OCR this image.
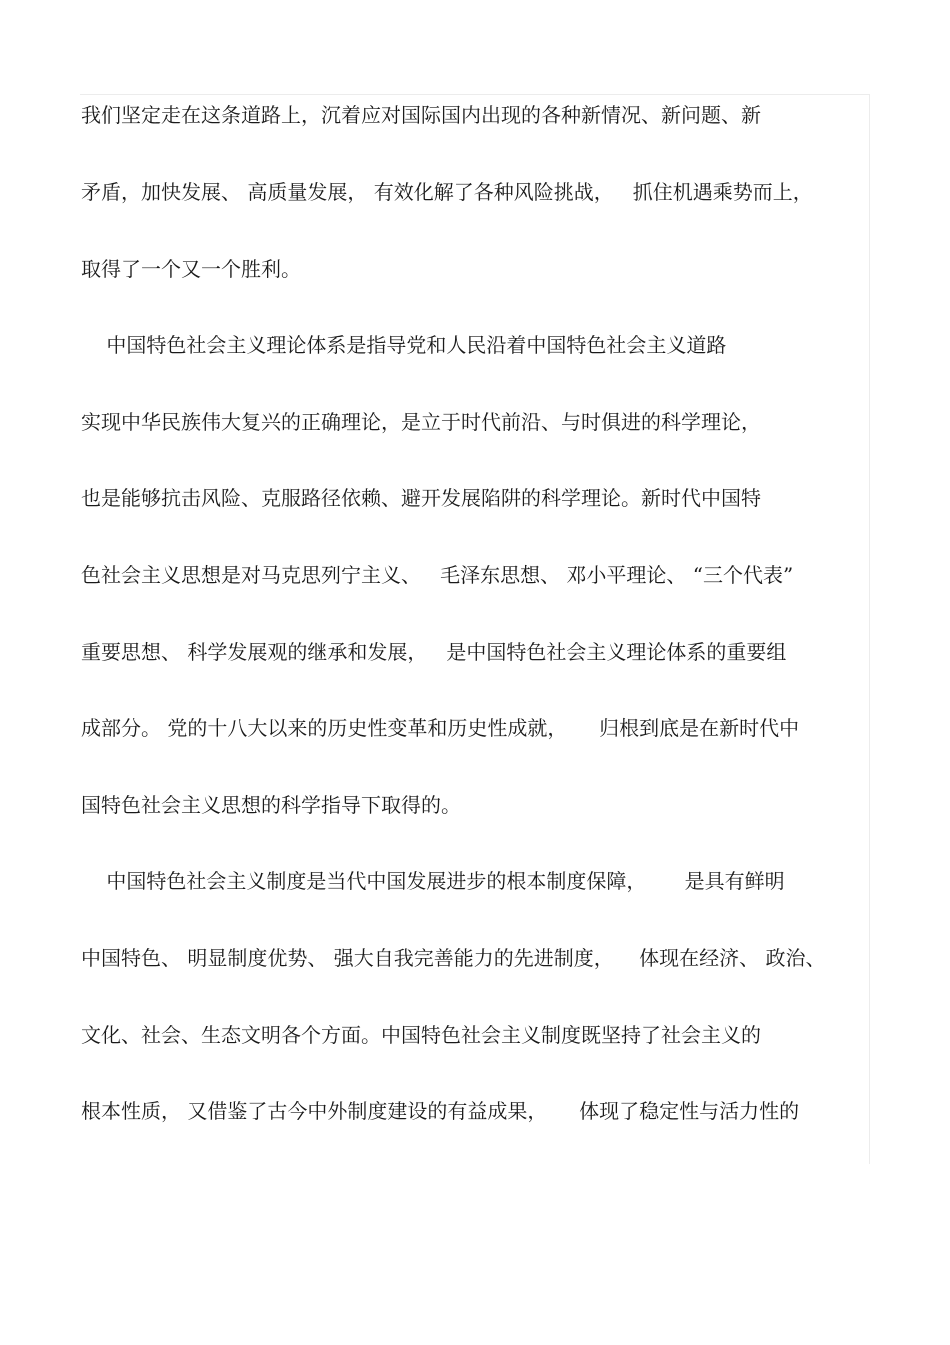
我们坚定走在这条道路上，沉着应对国际国内出现的各种新情况、新问题、新
矛盾，加快发展、 高质量发展， 有效化解了各种风险挑战，   抓住机遇乘势而上，
取得了一个又一个胜利。
中国特色社会主义理论体系是指导党和人民沿着中国特色社会主义道路
实现中华民族伟大复兴的正确理论，是立于时代前沿、与时俱进的科学理论，
也是能够抗击风险、克服路径依赖、避开发展陷阱的科学理论。新时代中国特
色社会主义思想是对马克思列宁主义、   毛泽东思想、 邓小平理论、 “三个代表”
重要思想、 科学发展观的继承和发展，   是中国特色社会主义理论体系的重要组
成部分。 党的十八大以来的历史性变革和历史性成就，     归根到底是在新时代中
国特色社会主义思想的科学指导下取得的。
中国特色社会主义制度是当代中国发展进步的根本制度保障，      是具有鲜明
中国特色、 明显制度优势、 强大自我完善能力的先进制度，    体现在经济、 政治、
文化、社会、生态文明各个方面。中国特色社会主义制度既坚持了社会主义的
根本性质， 又借鉴了古今中外制度建设的有益成果，     体现了稳定性与活力性的
